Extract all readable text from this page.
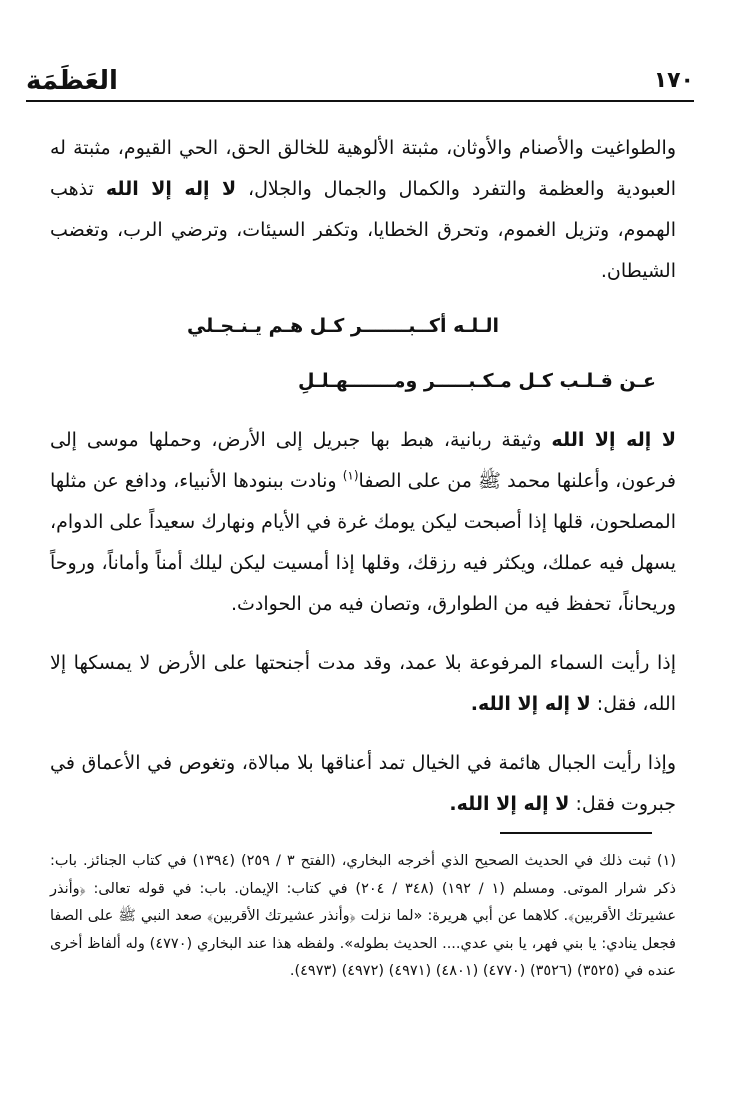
١٧٠
العَظَمَة

والطواغيت والأصنام والأوثان، مثبتة الألوهية للخالق الحق، الحي القيوم، مثبتة له العبودية والعظمة والتفرد والكمال والجمال والجلال، لا إله إلا الله تذهب الهموم، وتزيل الغموم، وتحرق الخطايا، وتكفر السيئات، وترضي الرب، وتغضب الشيطان.

الـلـه أكــبـــــــر كـل هـم يـنـجـلي

عـن قـلـب كـل مـكـبـــــر ومـــــــهـلـلِ

لا إله إلا الله وثيقة ربانية، هبط بها جبريل إلى الأرض، وحملها موسى إلى فرعون، وأعلنها محمد ﷺ من على الصفا$^{(١)}$ ونادت ببنودها الأنبياء، ودافع عن مثلها المصلحون، قلها إذا أصبحت ليكن يومك غرة في الأيام ونهارك سعيداً على الدوام، يسهل فيه عملك، ويكثر فيه رزقك، وقلها إذا أمسيت ليكن ليلك أمناً وأماناً، وروحاً وريحاناً، تحفظ فيه من الطوارق، وتصان فيه من الحوادث.

إذا رأيت السماء المرفوعة بلا عمد، وقد مدت أجنحتها على الأرض لا يمسكها إلا الله، فقل: لا إله إلا الله.

وإذا رأيت الجبال هائمة في الخيال تمد أعناقها بلا مبالاة، وتغوص في الأعماق في جبروت فقل: لا إله إلا الله.

(١) ثبت ذلك في الحديث الصحيح الذي أخرجه البخاري، (الفتح ٣ / ٢٥٩) (١٣٩٤) في كتاب الجنائز. باب: ذكر شرار الموتى. ومسلم (١ / ١٩٢) (٣٤٨ / ٢٠٤) في كتاب: الإيمان. باب: في قوله تعالى: ﴿وأنذر عشيرتك الأقربين﴾. كلاهما عن أبي هريرة: «لما نزلت ﴿وأنذر عشيرتك الأقربين﴾ صعد النبي ﷺ على الصفا فجعل ينادي: يا بني فهر، يا بني عدي.... الحديث بطوله». ولفظه هذا عند البخاري (٤٧٧٠) وله ألفاظ أخرى عنده في (٣٥٢٥) (٣٥٢٦) (٤٧٧٠) (٤٨٠١) (٤٩٧١) (٤٩٧٢) (٤٩٧٣).
